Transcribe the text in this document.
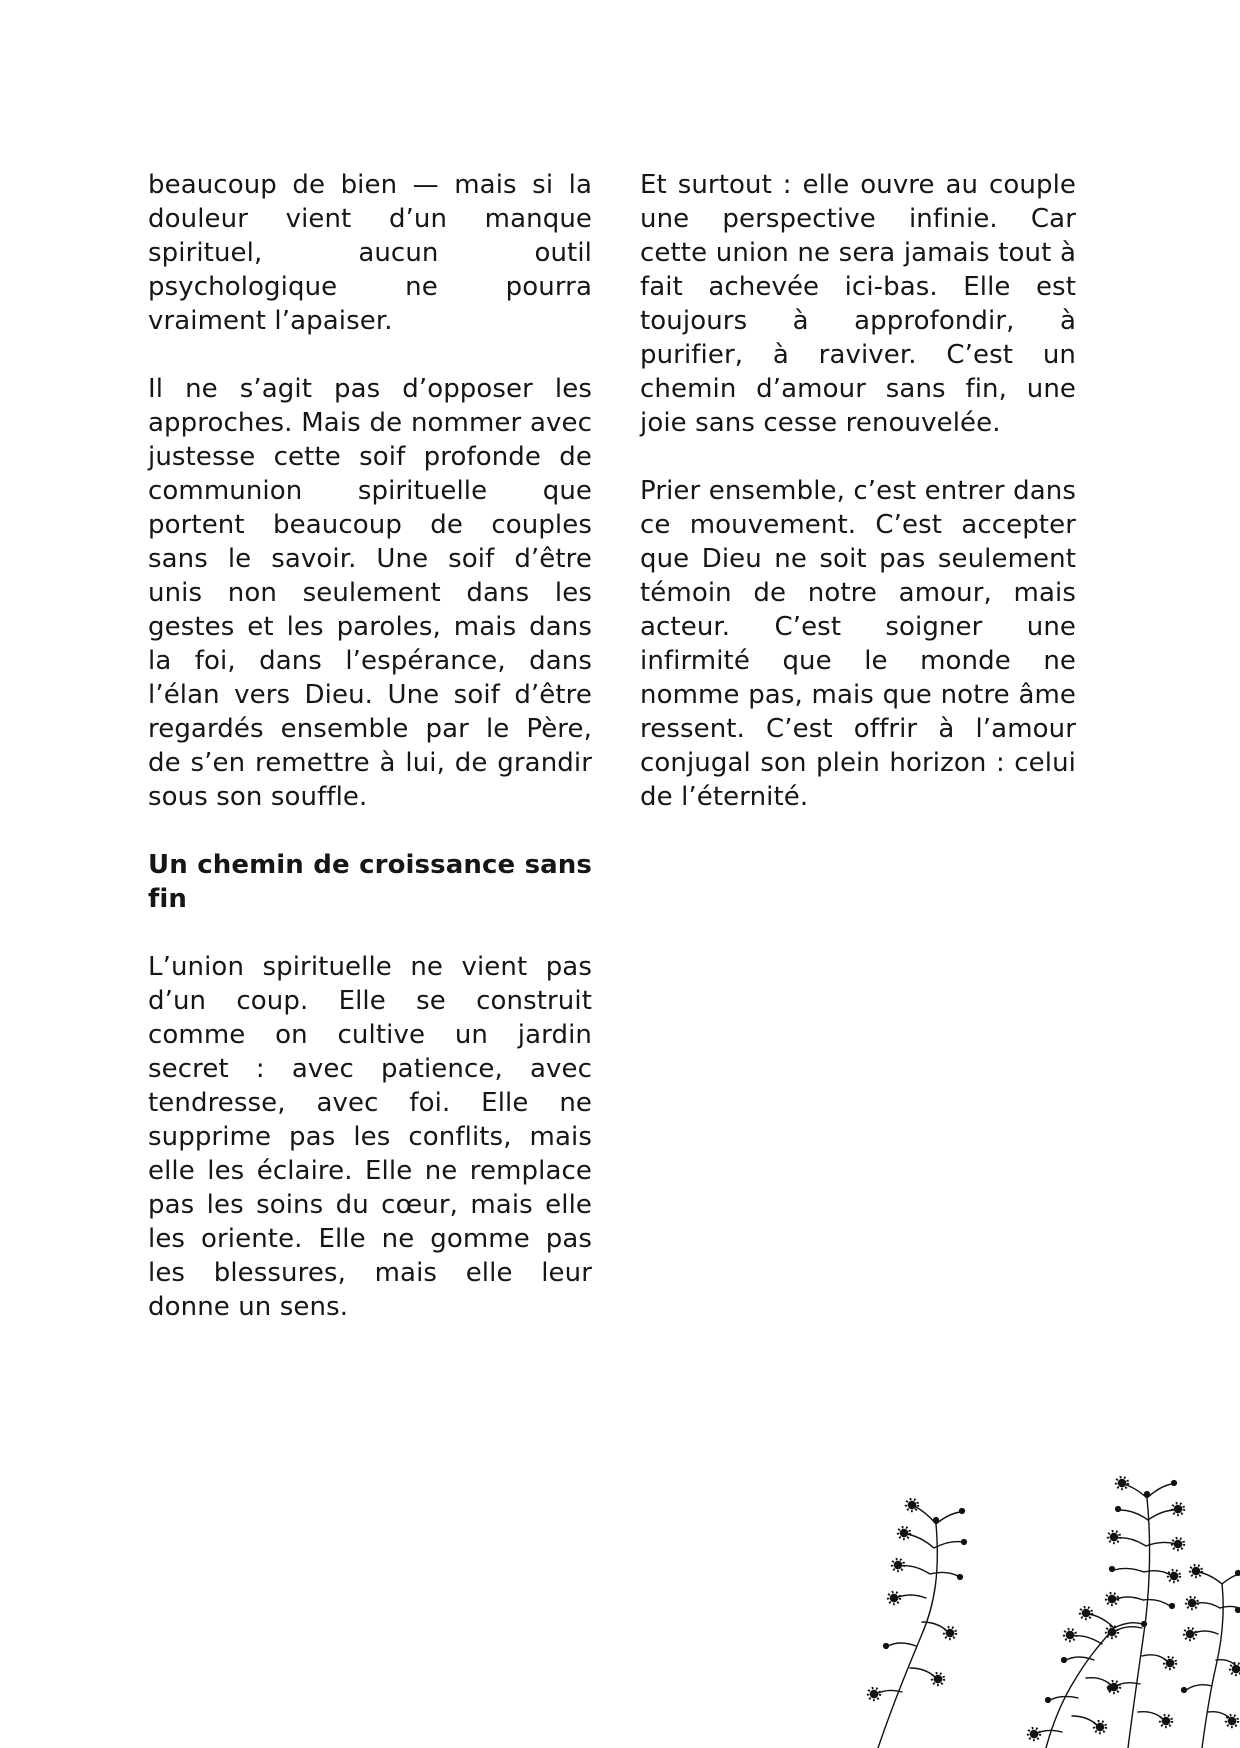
beaucoup de bien — mais si la douleur vient d’un manque spirituel, aucun outil psychologique ne pourra vraiment l’apaiser.

Il ne s’agit pas d’opposer les approches. Mais de nommer avec justesse cette soif profonde de communion spirituelle que portent beaucoup de couples sans le savoir. Une soif d’être unis non seulement dans les gestes et les paroles, mais dans la foi, dans l’espérance, dans l’élan vers Dieu. Une soif d’être regardés ensemble par le Père, de s’en remettre à lui, de grandir sous son souffle.

Un chemin de croissance sans fin

L’union spirituelle ne vient pas d’un coup. Elle se construit comme on cultive un jardin secret : avec patience, avec tendresse, avec foi. Elle ne supprime pas les conflits, mais elle les éclaire. Elle ne remplace pas les soins du cœur, mais elle les oriente. Elle ne gomme pas les blessures, mais elle leur donne un sens.

Et surtout : elle ouvre au couple une perspective infinie. Car cette union ne sera jamais tout à fait achevée ici-bas. Elle est toujours à approfondir, à purifier, à raviver. C’est un chemin d’amour sans fin, une joie sans cesse renouvelée.

Prier ensemble, c’est entrer dans ce mouvement. C’est accepter que Dieu ne soit pas seulement témoin de notre amour, mais acteur. C’est soigner une infirmité que le monde ne nomme pas, mais que notre âme ressent. C’est offrir à l’amour conjugal son plein horizon : celui de l’éternité.
